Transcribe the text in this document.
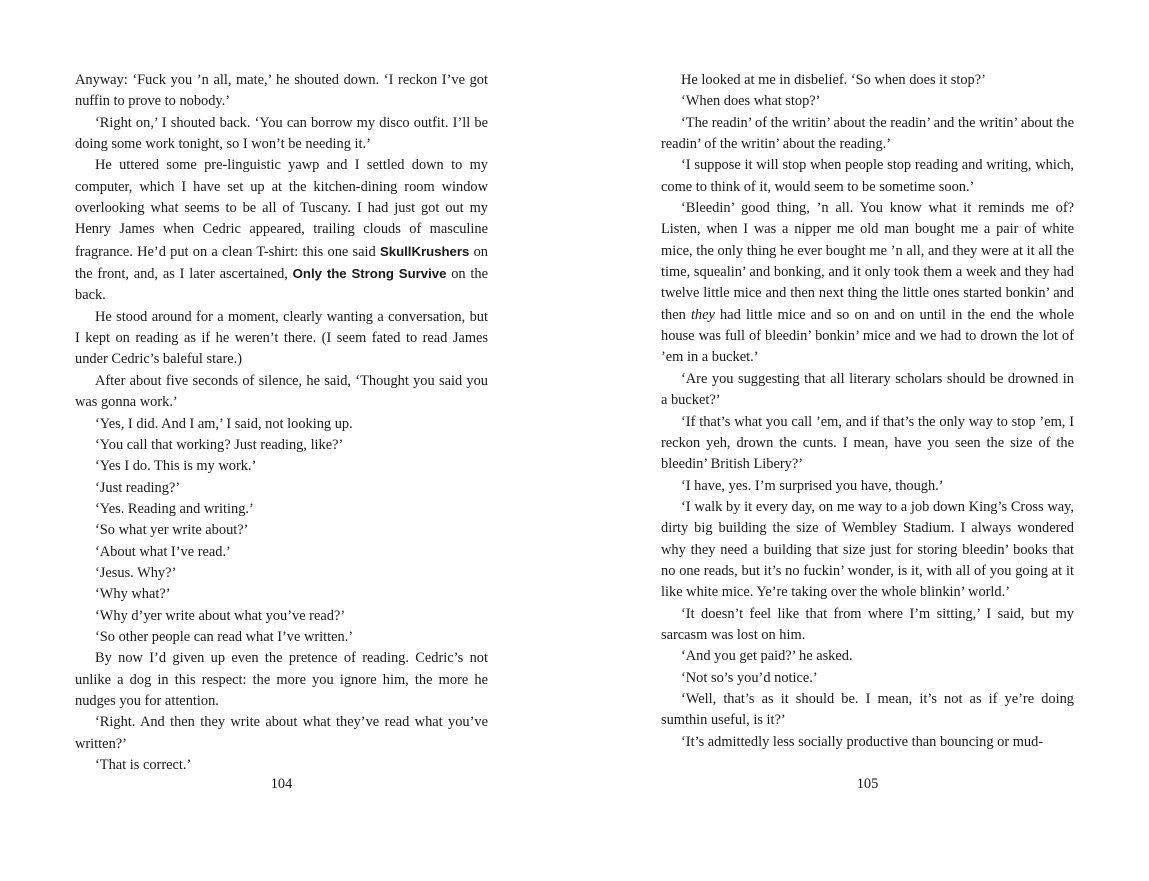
Anyway: ‘Fuck you ’n all, mate,’ he shouted down. ‘I reckon I’ve got nuffin to prove to nobody.’

‘Right on,’ I shouted back. ‘You can borrow my disco outfit. I’ll be doing some work tonight, so I won’t be needing it.’

He uttered some pre-linguistic yawp and I settled down to my computer, which I have set up at the kitchen-dining room window overlooking what seems to be all of Tuscany. I had just got out my Henry James when Cedric appeared, trailing clouds of masculine fragrance. He’d put on a clean T-shirt: this one said SkullKrushers on the front, and, as I later ascertained, Only the Strong Survive on the back.

He stood around for a moment, clearly wanting a conversation, but I kept on reading as if he weren’t there. (I seem fated to read James under Cedric’s baleful stare.)

After about five seconds of silence, he said, ‘Thought you said you was gonna work.’

‘Yes, I did. And I am,’ I said, not looking up.

‘You call that working? Just reading, like?’

‘Yes I do. This is my work.’

‘Just reading?’

‘Yes. Reading and writing.’

‘So what yer write about?’

‘About what I’ve read.’

‘Jesus. Why?’

‘Why what?’

‘Why d’yer write about what you’ve read?’

‘So other people can read what I’ve written.’

By now I’d given up even the pretence of reading. Cedric’s not unlike a dog in this respect: the more you ignore him, the more he nudges you for attention.

‘Right. And then they write about what they’ve read what you’ve written?’

‘That is correct.’

He looked at me in disbelief. ‘So when does it stop?’

‘When does what stop?’

‘The readin’ of the writin’ about the readin’ and the writin’ about the readin’ of the writin’ about the reading.’

‘I suppose it will stop when people stop reading and writing, which, come to think of it, would seem to be sometime soon.’

‘Bleedin’ good thing, ’n all. You know what it reminds me of? Listen, when I was a nipper me old man bought me a pair of white mice, the only thing he ever bought me ’n all, and they were at it all the time, squealin’ and bonking, and it only took them a week and they had twelve little mice and then next thing the little ones started bonkin’ and then they had little mice and so on and on until in the end the whole house was full of bleedin’ bonkin’ mice and we had to drown the lot of ’em in a bucket.’

‘Are you suggesting that all literary scholars should be drowned in a bucket?’

‘If that’s what you call ’em, and if that’s the only way to stop ’em, I reckon yeh, drown the cunts. I mean, have you seen the size of the bleedin’ British Libery?’

‘I have, yes. I’m surprised you have, though.’

‘I walk by it every day, on me way to a job down King’s Cross way, dirty big building the size of Wembley Stadium. I always wondered why they need a building that size just for storing bleedin’ books that no one reads, but it’s no fuckin’ wonder, is it, with all of you going at it like white mice. Ye’re taking over the whole blinkin’ world.’

‘It doesn’t feel like that from where I’m sitting,’ I said, but my sarcasm was lost on him.

‘And you get paid?’ he asked.

‘Not so’s you’d notice.’

‘Well, that’s as it should be. I mean, it’s not as if ye’re doing sumthin useful, is it?’

‘It’s admittedly less socially productive than bouncing or mud-

104	105
